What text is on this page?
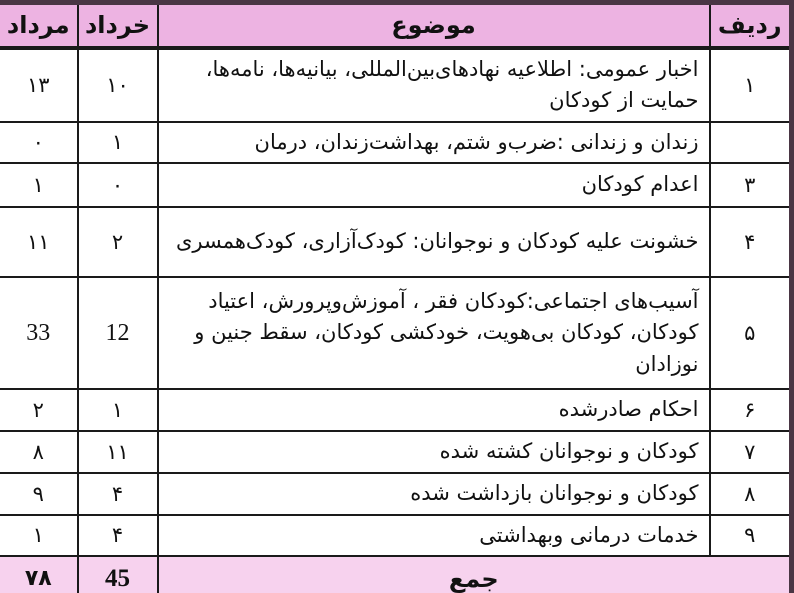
ردیف	موضوع	خرداد	مرداد
۱	اخبار عمومی: اطلاعیه نهادهای‌بین‌المللی، بیانیه‌ها، نامه‌ها، حمایت از کودکان	۱۰	۱۳
	زندان و زندانی :ضرب‌و شتم، بهداشت‌زندان، درمان	۱	۰
۳	اعدام کودکان	۰	۱
۴	خشونت علیه کودکان و نوجوانان: کودک‌آزاری، کودک‌همسری	۲	۱۱
۵	آسیب‌های اجتماعی:کودکان فقر ، آموزش‌وپرورش، اعتیاد کودکان، کودکان بی‌هویت، خودکشی کودکان، سقط جنین و نوزادان	12	33
۶	احکام صادرشده	۱	۲
۷	کودکان و نوجوانان کشته شده	۱۱	۸
۸	کودکان و نوجوانان بازداشت شده	۴	۹
۹	خدمات درمانی وبهداشتی	۴	۱
جمع		45	۷۸
